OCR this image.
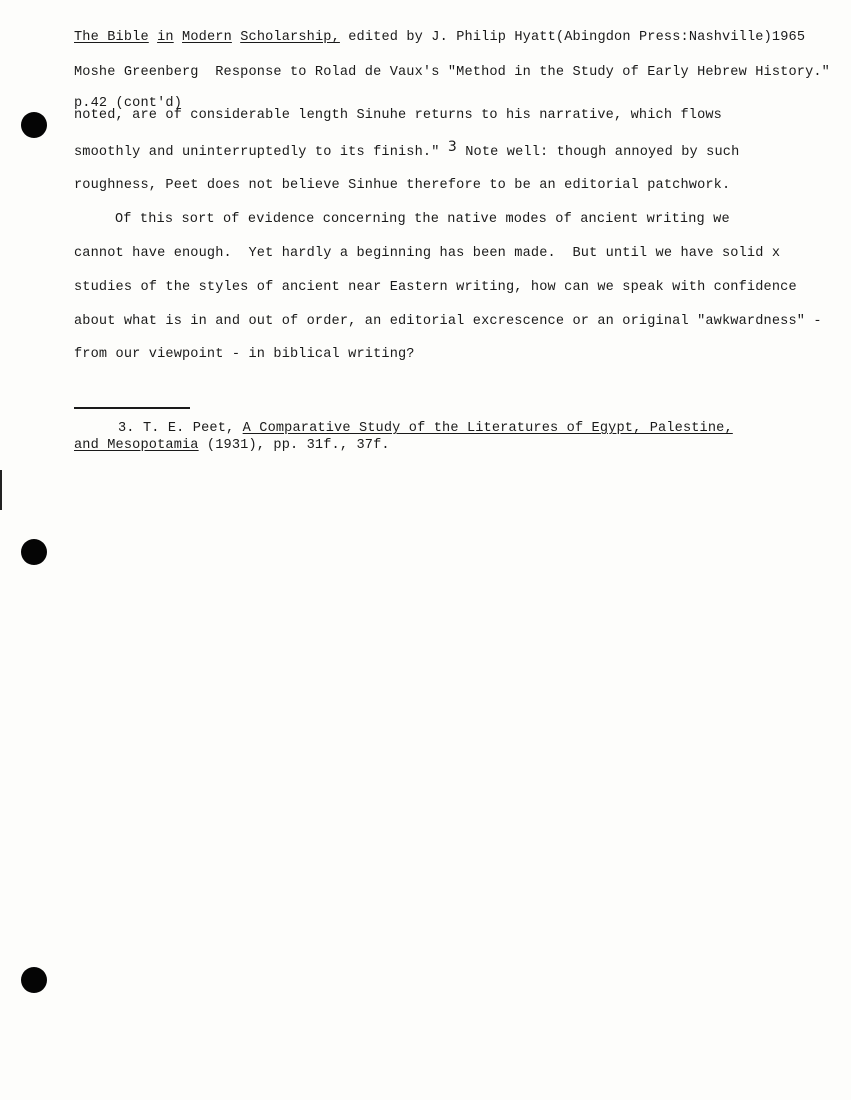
The Bible in Modern Scholarship, edited by J. Philip Hyatt(Abingdon Press:Nashville)1965
Moshe Greenberg  Response to Rolad de Vaux's "Method in the Study of Early Hebrew History."
p.42 (cont'd)
noted, are of considerable length Sinuhe returns to his narrative, which flows
smoothly and uninterruptedly to its finish." 3 Note well: though annoyed by such
roughness, Peet does not believe Sinhue therefore to be an editorial patchwork.
Of this sort of evidence concerning the native modes of ancient writing we
cannot have enough.  Yet hardly a beginning has been made.  But until we have solid x
studies of the styles of ancient near Eastern writing, how can we speak with confidence
about what is in and out of order, an editorial excrescence or an original "awkwardness" -
from our viewpoint - in biblical writing?
3. T. E. Peet, A Comparative Study of the Literatures of Egypt, Palestine,
and Mesopotamia (1931), pp. 31f., 37f.
